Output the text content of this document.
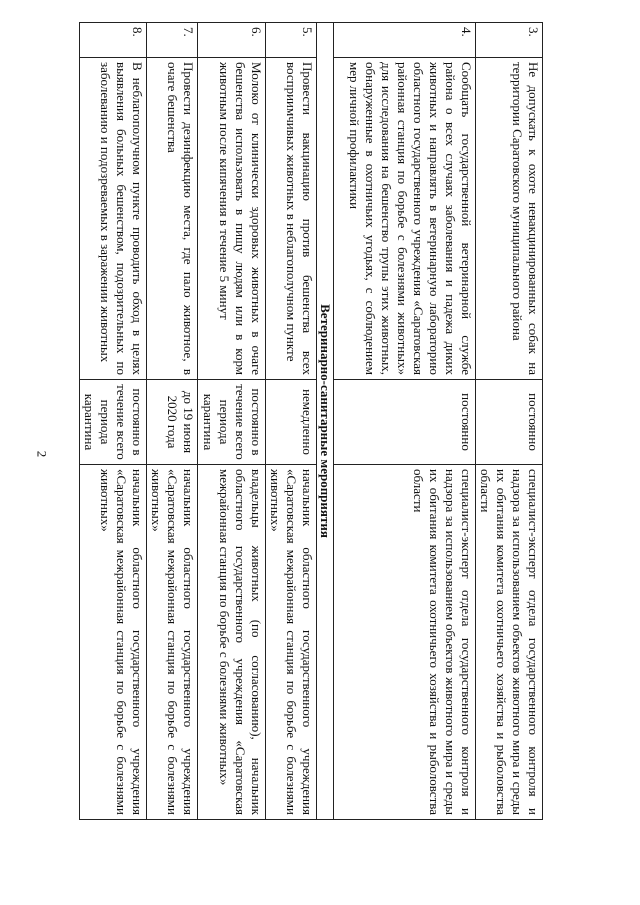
2
3.	Не допускать к охоте невакцинированных собак на территории Саратовского муниципального района	постоянно	специалист-эксперт отдела государственного контроля и надзора за использованием объектов животного мира и среды их обитания комитета охотничьего хозяйства и рыболовства области
4.	Сообщать государственной ветеринарной службе района о всех случаях заболевания и падежа диких животных и направлять в ветеринарную лабораторию областного государственного учреждения «Саратовская районная станция по борьбе с болезнями животных» для исследования на бешенство трупы этих животных, обнаруженные в охотничьих угодьях, с соблюдением мер личной профилактики	постоянно	специалист-эксперт отдела государственного контроля и надзора за использованием объектов животного мира и среды их обитания комитета охотничьего хозяйства и рыболовства области
Ветеринарно-санитарные мероприятия			
5.	Провести вакцинацию против бешенства всех восприимчивых животных в неблагополучном пункте	немедленно	начальник областного государственного учреждения «Саратовская межрайонная станция по борьбе с болезнями животных»
6.	Молоко от клинически здоровых животных в очаге бешенства использовать в пищу людям или в корм животным после кипячения в течение 5 минут	постоянно в течение всего периода карантина	владельцы животных (по согласованию), начальник областного государственного учреждения «Саратовская межрайонная станция по борьбе с болезнями животных»
7.	Провести дезинфекцию места, где пало животное, в очаге бешенства	до 19 июня 2020 года	начальник областного государственного учреждения «Саратовская межрайонная станция по борьбе с болезнями животных»
8.	В неблагополучном пункте проводить обход в целях выявления больных бешенством, подозрительных по заболеванию и подозреваемых в заражении животных	постоянно в течение всего периода карантина	начальник областного государственного учреждения «Саратовская межрайонная станция по борьбе с болезнями животных»
